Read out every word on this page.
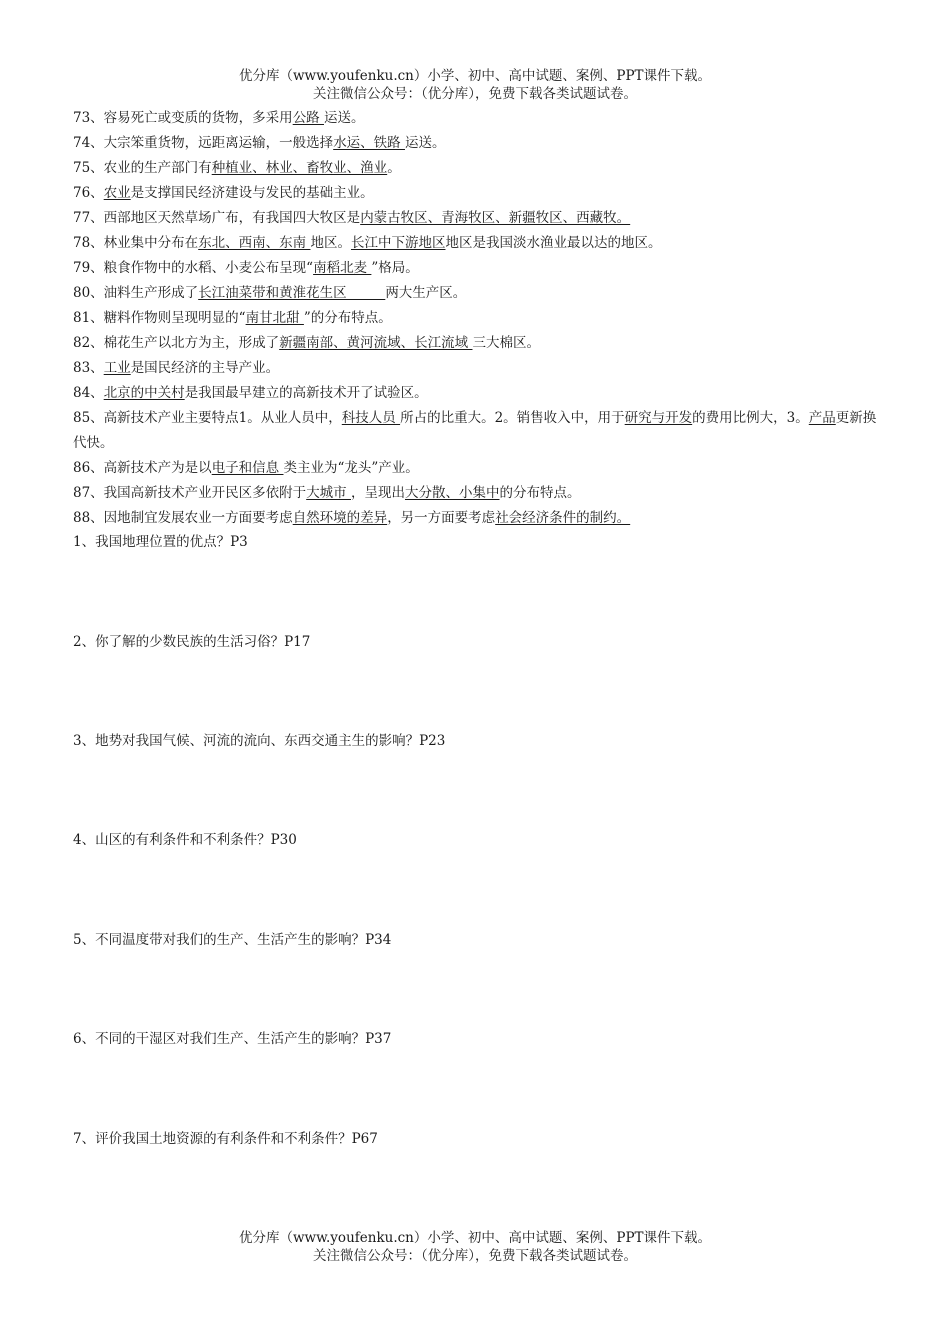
优分库（www.youfenku.cn）小学、初中、高中试题、案例、PPT课件下载。
关注微信公众号：（优分库），免费下载各类试题试卷。
73、容易死亡或变质的货物，多采用公路 运送。
74、大宗笨重货物，远距离运输，一般选择水运、铁路 运送。
75、农业的生产部门有种植业、林业、畜牧业、渔业。
76、农业是支撑国民经济建设与发民的基础主业。
77、西部地区天然草场广布，有我国四大牧区是内蒙古牧区、青海牧区、新疆牧区、西藏牧。
78、林业集中分布在东北、西南、东南 地区。长江中下游地区地区是我国淡水渔业最以达的地区。
79、粮食作物中的水稻、小麦公布呈现“南稻北麦 ”格局。
80、油料生产形成了长江油菜带和黄淮花生区         两大生产区。
81、糖料作物则呈现明显的“南甘北甜 ”的分布特点。
82、棉花生产以北方为主，形成了新疆南部、黄河流域、长江流域 三大棉区。
83、工业是国民经济的主导产业。
84、北京的中关村是我国最早建立的高新技术开了试验区。
85、高新技术产业主要特点1。从业人员中，科技人员 所占的比重大。2。销售收入中，用于研究与开发的费用比例大，3。产品更新换代快。
86、高新技术产为是以电子和信息 类主业为“龙头”产业。
87、我国高新技术产业开民区多依附于大城市 ，呈现出大分散、小集中的分布特点。
88、因地制宜发展农业一方面要考虑自然环境的差异，另一方面要考虑社会经济条件的制约。
1、我国地理位置的优点？P3
2、你了解的少数民族的生活习俗？P17
3、地势对我国气候、河流的流向、东西交通主生的影响？P23
4、山区的有利条件和不利条件？P30
5、不同温度带对我们的生产、生活产生的影响？P34
6、不同的干湿区对我们生产、生活产生的影响？P37
7、评价我国土地资源的有利条件和不利条件？P67
优分库（www.youfenku.cn）小学、初中、高中试题、案例、PPT课件下载。
关注微信公众号：（优分库），免费下载各类试题试卷。
